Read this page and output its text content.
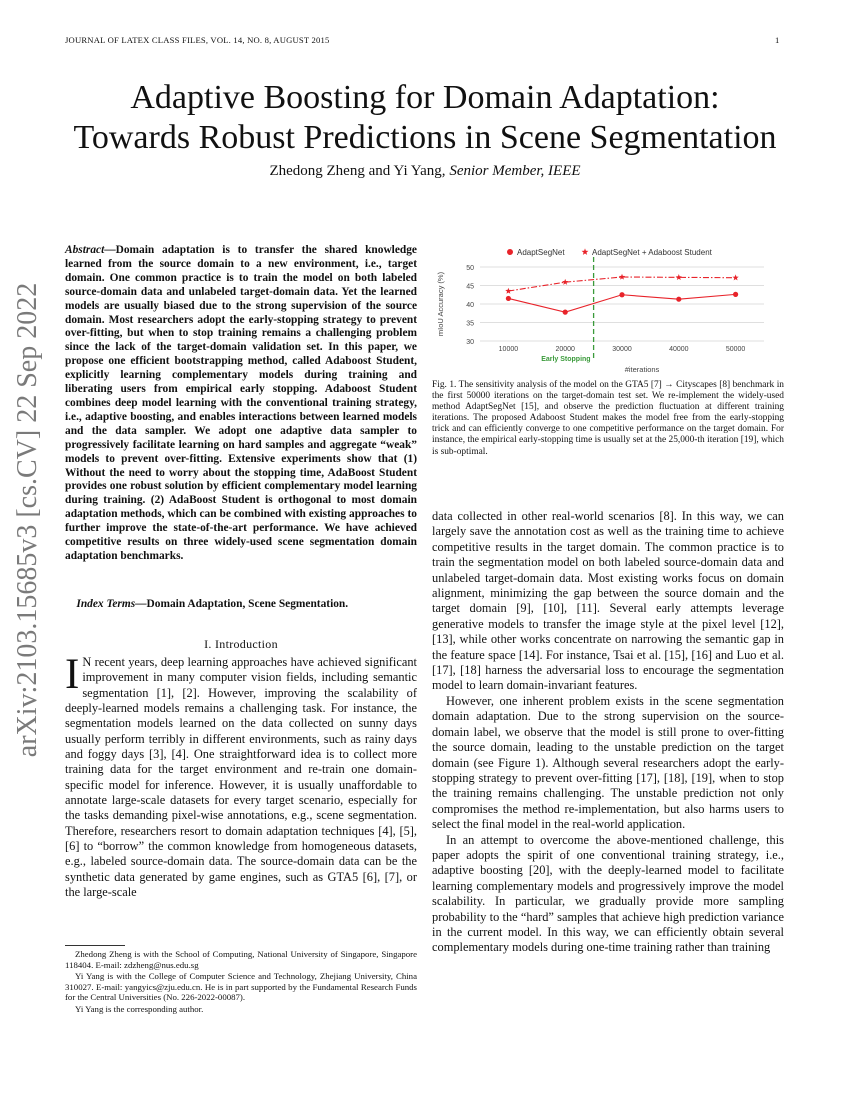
JOURNAL OF LATEX CLASS FILES, VOL. 14, NO. 8, AUGUST 2015	1
Adaptive Boosting for Domain Adaptation:
Towards Robust Predictions in Scene Segmentation
Zhedong Zheng and Yi Yang, Senior Member, IEEE
arXiv:2103.15685v3 [cs.CV] 22 Sep 2022
Abstract—Domain adaptation is to transfer the shared knowledge learned from the source domain to a new environment, i.e., target domain. One common practice is to train the model on both labeled source-domain data and unlabeled target-domain data. Yet the learned models are usually biased due to the strong supervision of the source domain. Most researchers adopt the early-stopping strategy to prevent over-fitting, but when to stop training remains a challenging problem since the lack of the target-domain validation set. In this paper, we propose one efficient bootstrapping method, called Adaboost Student, explicitly learning complementary models during training and liberating users from empirical early stopping. Adaboost Student combines deep model learning with the conventional training strategy, i.e., adaptive boosting, and enables interactions between learned models and the data sampler. We adopt one adaptive data sampler to progressively facilitate learning on hard samples and aggregate “weak” models to prevent over-fitting. Extensive experiments show that (1) Without the need to worry about the stopping time, AdaBoost Student provides one robust solution by efficient complementary model learning during training. (2) AdaBoost Student is orthogonal to most domain adaptation methods, which can be combined with existing approaches to further improve the state-of-the-art performance. We have achieved competitive results on three widely-used scene segmentation domain adaptation benchmarks.
Index Terms—Domain Adaptation, Scene Segmentation.
I. Introduction
I N recent years, deep learning approaches have achieved significant improvement in many computer vision fields, including semantic segmentation [1], [2]. However, improving the scalability of deeply-learned models remains a challenging task. For instance, the segmentation models learned on the data collected on sunny days usually perform terribly in different environments, such as rainy days and foggy days [3], [4]. One straightforward idea is to collect more training data for the target environment and re-train one domain-specific model for inference. However, it is usually unaffordable to annotate large-scale datasets for every target scenario, especially for the tasks demanding pixel-wise annotations, e.g., scene segmentation. Therefore, researchers resort to domain adaptation techniques [4], [5], [6] to “borrow” the common knowledge from homogeneous datasets, e.g., labeled source-domain data. The source-domain data can be the synthetic data generated by game engines, such as GTA5 [6], [7], or the large-scale

Zhedong Zheng is with the School of Computing, National University of Singapore, Singapore 118404. E-mail: zdzheng@nus.edu.sg

Yi Yang is with the College of Computer Science and Technology, Zhejiang University, China 310027. E-mail: yangyics@zju.edu.cn. He is in part supported by the Fundamental Research Funds for the Central Universities (No. 226-2022-00087).

Yi Yang is the corresponding author.

30
35
40
45
50
10000	20000	30000	40000	50000
#iterations
mIoU Accuracy (%)
Early Stopping
AdaptSegNet	AdaptSegNet + Adaboost Student
Fig. 1. The sensitivity analysis of the model on the GTA5 [7] → Cityscapes [8] benchmark in the first 50000 iterations on the target-domain test set. We re-implement the widely-used method AdaptSegNet [15], and observe the prediction fluctuation at different training iterations. The proposed Adaboost Student makes the model free from the early-stopping trick and can efficiently converge to one competitive performance on the target domain. For instance, the empirical early-stopping time is usually set at the 25,000-th iteration [19], which is sub-optimal.

data collected in other real-world scenarios [8]. In this way, we can largely save the annotation cost as well as the training time to achieve competitive results in the target domain. The common practice is to train the segmentation model on both labeled source-domain data and unlabeled target-domain data. Most existing works focus on domain alignment, minimizing the gap between the source domain and the target domain [9], [10], [11]. Several early attempts leverage generative models to transfer the image style at the pixel level [12], [13], while other works concentrate on narrowing the semantic gap in the feature space [14]. For instance, Tsai et al. [15], [16] and Luo et al. [17], [18] harness the adversarial loss to encourage the segmentation model to learn domain-invariant features.

However, one inherent problem exists in the scene segmentation domain adaptation. Due to the strong supervision on the source-domain label, we observe that the model is still prone to over-fitting the source domain, leading to the unstable prediction on the target domain (see Figure 1). Although several researchers adopt the early-stopping strategy to prevent over-fitting [17], [18], [19], when to stop the training remains challenging. The unstable prediction not only compromises the method re-implementation, but also harms users to select the final model in the real-world application.

In an attempt to overcome the above-mentioned challenge, this paper adopts the spirit of one conventional training strategy, i.e., adaptive boosting [20], with the deeply-learned model to facilitate learning complementary models and progressively improve the model scalability. In particular, we gradually provide more sampling probability to the “hard” samples that achieve high prediction variance in the current model. In this way, we can efficiently obtain several complementary models during one-time training rather than training
